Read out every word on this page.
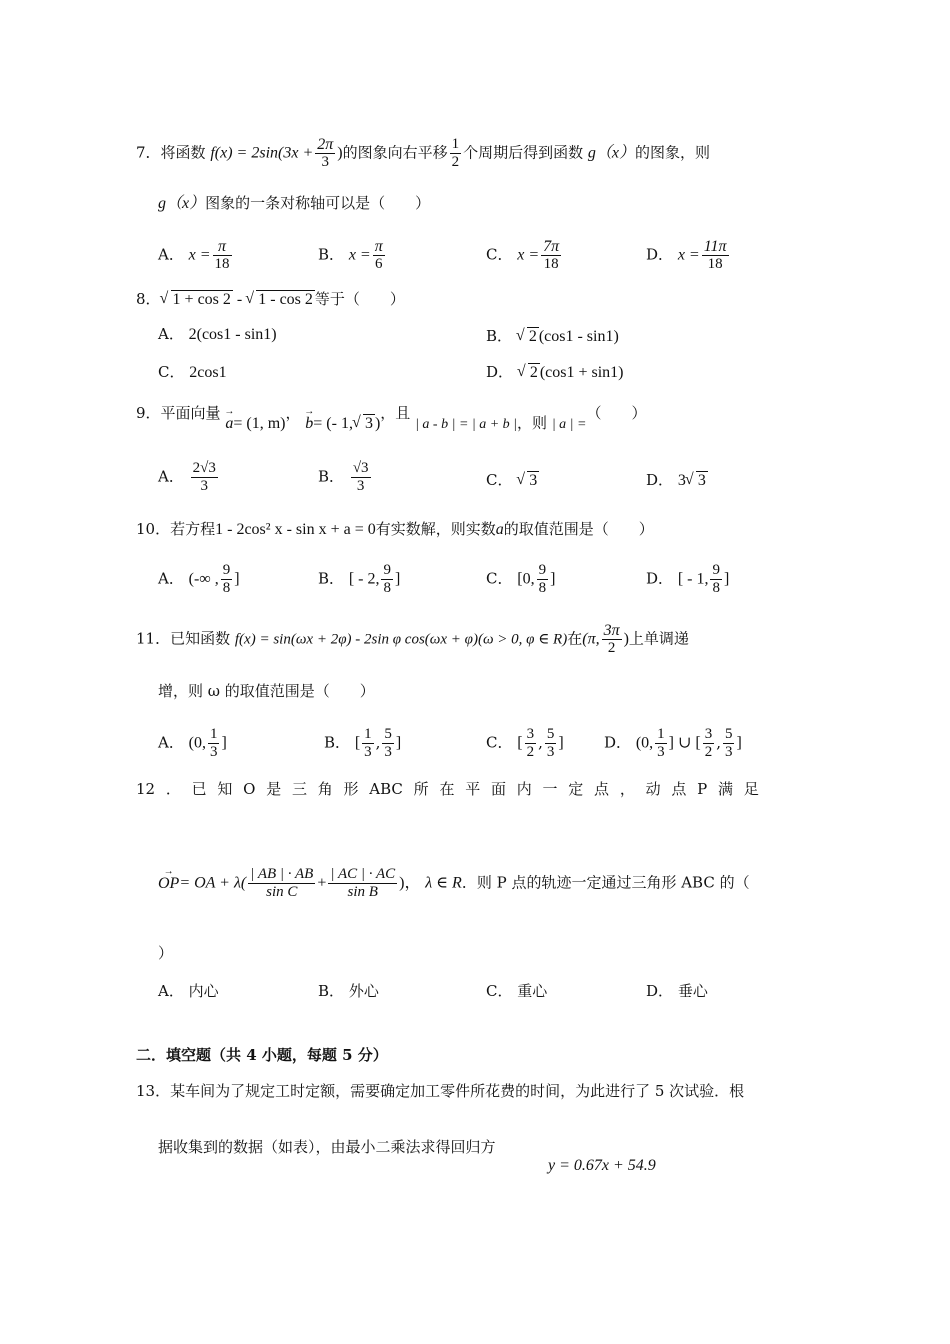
7．将函数 $f(x) = 2\sin(3x + \frac{2\pi}{3}$ )的图象向右平移 $\frac{1}{2}$ 个周期后得到函数 g（x）的图象，则
g（x）图象的一条对称轴可以是（　　）
A． $x = \frac{\pi}{18}$	B． $x = \frac{\pi}{6}$	C． $x = \frac{7\pi}{18}$	D． $x = \frac{11\pi}{18}$
8． √ 1 + cos 2 - √ 1 - cos 2 等于（　　）
A． 2(cos1 - sin1)	B． √ 2 (cos1 - sin1)
C． 2cos1	D． √ 2 (cos1 + sin1)
9．平面向量 → a= (1, m)， → b= (- 1, √ 3 )，且 | a - b | = | a + b |，则 | a | =（　　）
A． $\frac{2√3}{3}$	B． $\frac{√3}{3}$	C． √ 3	D． 3 √ 3
10．若方程1 - 2cos² x - sin x + a = 0有实数解，则实数a的取值范围是（　　）
A． (-∞ , $\frac{9}{8}$ ]	B． [ - 2, $\frac{9}{8}$ ]	C． [0, $\frac{9}{8}$ ]	D． [ - 1, $\frac{9}{8}$ ]
11．已知函数 f(x) = sin(ωx + 2φ) - 2sin φ cos(ωx + φ)(ω > 0, φ ∈ R)在(π, $\frac{3\pi}{2}$ )上单调递
增，则 ω 的取值范围是（　　）
A． (0, $\frac{1}{3}$ ]	B． [ $\frac{1}{3}$ , $\frac{5}{3}$ ]	C． [ $\frac{3}{2}$ , $\frac{5}{3}$ ]	D． (0, $\frac{1}{3}$ ] ∪ [ $\frac{3}{2}$ , $\frac{5}{3}$ ]
12 ． 已 知 O 是 三 角 形 ABC 所 在 平 面 内 一 定 点 ， 动 点 P 满 足
→ OP= OA + $\lambda( \frac{| AB | \cdot AB}{\text{sin C}} + \frac{| AC | \cdot AC}{\text{sin B}}$ )， λ ∈ R．则 P 点的轨迹一定通过三角形 ABC 的（
）
A． 内心	B． 外心	C． 重心	D． 垂心
二．填空题（共 4 小题，每题 5 分）
13．某车间为了规定工时定额，需要确定加工零件所花费的时间，为此进行了 5 次试验．根
据收集到的数据（如表），由最小二乘法求得回归方
y = 0.67x + 54.9
